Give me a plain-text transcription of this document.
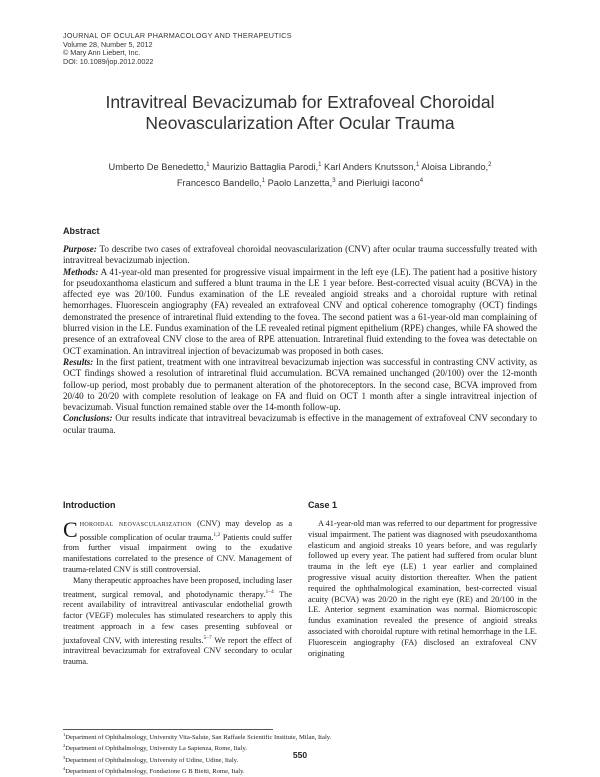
JOURNAL OF OCULAR PHARMACOLOGY AND THERAPEUTICS
Volume 28, Number 5, 2012
© Mary Ann Liebert, Inc.
DOI: 10.1089/jop.2012.0022
Intravitreal Bevacizumab for Extrafoveal Choroidal
Neovascularization After Ocular Trauma
Umberto De Benedetto,$^1$ Maurizio Battaglia Parodi,$^1$ Karl Anders Knutsson,$^1$ Aloisa Librando,$^2$
Francesco Bandello,$^1$ Paolo Lanzetta,$^3$ and Pierluigi Iacono$^4$
Abstract

Purpose: To describe two cases of extrafoveal choroidal neovascularization (CNV) after ocular trauma successfully treated with intravitreal bevacizumab injection.

Methods: A 41-year-old man presented for progressive visual impairment in the left eye (LE). The patient had a positive history for pseudoxanthoma elasticum and suffered a blunt trauma in the LE 1 year before. Best-corrected visual acuity (BCVA) in the affected eye was 20/100. Fundus examination of the LE revealed angioid streaks and a choroidal rupture with retinal hemorrhages. Fluorescein angiography (FA) revealed an extrafoveal CNV and optical coherence tomography (OCT) findings demonstrated the presence of intraretinal fluid extending to the fovea. The second patient was a 61-year-old man complaining of blurred vision in the LE. Fundus examination of the LE revealed retinal pigment epithelium (RPE) changes, while FA showed the presence of an extrafoveal CNV close to the area of RPE attenuation. Intraretinal fluid extending to the fovea was detectable on OCT examination. An intravitreal injection of bevacizumab was proposed in both cases.

Results: In the first patient, treatment with one intravitreal bevacizumab injection was successful in contrasting CNV activity, as OCT findings showed a resolution of intraretinal fluid accumulation. BCVA remained unchanged (20/100) over the 12-month follow-up period, most probably due to permanent alteration of the photoreceptors. In the second case, BCVA improved from 20/40 to 20/20 with complete resolution of leakage on FA and fluid on OCT 1 month after a single intravitreal injection of bevacizumab. Visual function remained stable over the 14-month follow-up.

Conclusions: Our results indicate that intravitreal bevacizumab is effective in the management of extrafoveal CNV secondary to ocular trauma.

Introduction

Choroidal neovascularization (CNV) may develop as a possible complication of ocular trauma.$^{1,2}$ Patients could suffer from further visual impairment owing to the exudative manifestations correlated to the presence of CNV. Management of trauma-related CNV is still controversial.

Many therapeutic approaches have been proposed, including laser treatment, surgical removal, and photodynamic therapy.$^{1-4}$ The recent availability of intravitreal antivascular endothelial growth factor (VEGF) molecules has stimulated researchers to apply this treatment approach in a few cases presenting subfoveal or juxtafoveal CNV, with interesting results.$^{5-7}$ We report the effect of intravitreal bevacizumab for extrafoveal CNV secondary to ocular trauma.

Case 1

A 41-year-old man was referred to our department for progressive visual impairment. The patient was diagnosed with pseudoxanthoma elasticum and angioid streaks 10 years before, and was regularly followed up every year. The patient had suffered from ocular blunt trauma in the left eye (LE) 1 year earlier and complained progressive visual acuity distortion thereafter. When the patient required the ophthalmological examination, best-corrected visual acuity (BCVA) was 20/20 in the right eye (RE) and 20/100 in the LE. Anterior segment examination was normal. Biomicroscopic fundus examination revealed the presence of angioid streaks associated with choroidal rupture with retinal hemorrhage in the LE. Fluorescein angiography (FA) disclosed an extrafoveal CNV originating

$^1$Department of Ophthalmology, University Vita-Salute, San Raffaele Scientific Institute, Milan, Italy.
$^2$Department of Ophthalmology, University La Sapienza, Rome, Italy.
$^3$Department of Ophthalmology, University of Udine, Udine, Italy.
$^4$Department of Ophthalmology, Fondazione G B Bietti, Rome, Italy.
550
